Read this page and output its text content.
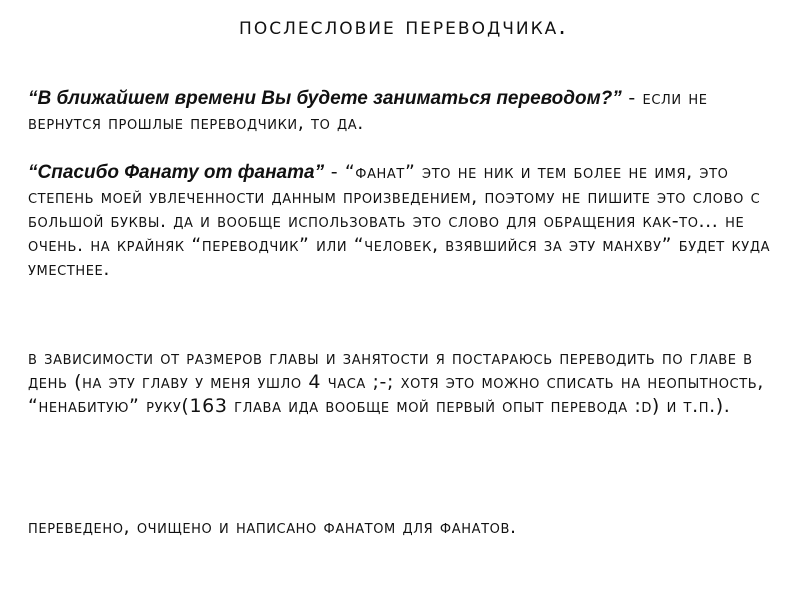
послесловие переводчика.

“В ближайшем времени Вы будете заниматься переводом?” - если не вернутся прошлые переводчики, то да.

“Спасибо Фанату от фаната” - “фанат” это не ник и тем более не имя, это степень моей увлеченности данным произведением, поэтому не пишите это слово с большой буквы. да и вообще использовать это слово для обращения как-то... не очень. на крайняк “переводчик” или “человек, взявшийся за эту манхву” будет куда уместнее.

в зависимости от размеров главы и занятости я постараюсь переводить по главе в день (на эту главу у меня ушло 4 часа ;-; хотя это можно списать на неопытность, “ненабитую” руку(163 глава ида вообще мой первый опыт перевода :d) и т.п.).

переведено, очищено и написано фанатом для фанатов.
